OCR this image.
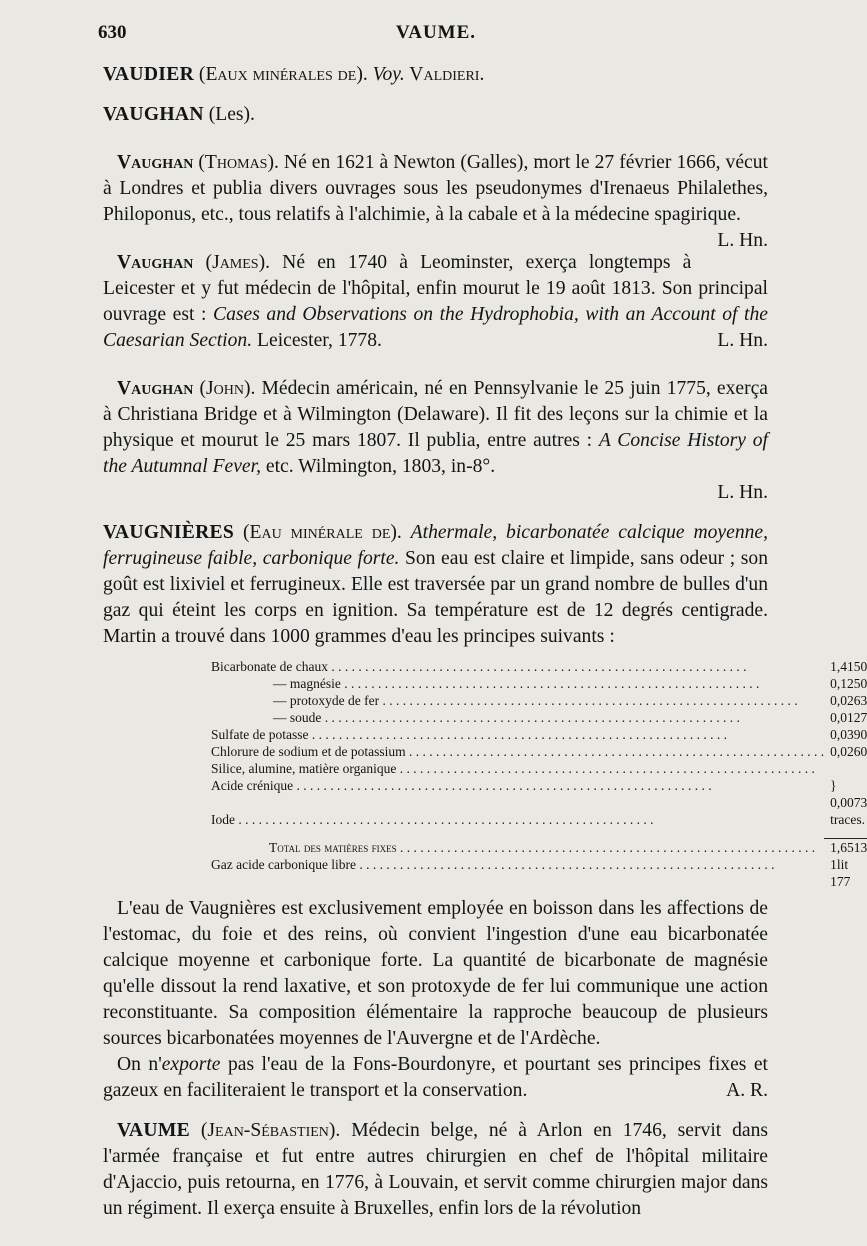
630	VAUME.

VAUDIER (Eaux minérales de). Voy. Valdieri.

VAUGHAN (Les).

Vaughan (Thomas). Né en 1621 à Newton (Galles), mort le 27 février 1666, vécut à Londres et publia divers ouvrages sous les pseudonymes d'Irenaeus Philalethes, Philoponus, etc., tous relatifs à l'alchimie, à la cabale et à la médecine spagirique.
L. Hn.

Vaughan (James). Né en 1740 à Leominster, exerça longtemps à Leicester et y fut médecin de l'hôpital, enfin mourut le 19 août 1813. Son principal ouvrage est : Cases and Observations on the Hydrophobia, with an Account of the Caesarian Section. Leicester, 1778.	L. Hn.

Vaughan (John). Médecin américain, né en Pennsylvanie le 25 juin 1775, exerça à Christiana Bridge et à Wilmington (Delaware). Il fit des leçons sur la chimie et la physique et mourut le 25 mars 1807. Il publia, entre autres : A Concise History of the Autumnal Fever, etc. Wilmington, 1803, in-8°.

L. Hn.

VAUGNIÈRES (Eau minérale de). Athermale, bicarbonatée calcique moyenne, ferrugineuse faible, carbonique forte. Son eau est claire et limpide, sans odeur ; son goût est lixiviel et ferrugineux. Elle est traversée par un grand nombre de bulles d'un gaz qui éteint les corps en ignition. Sa température est de 12 degrés centigrade. Martin a trouvé dans 1000 grammes d'eau les principes suivants :

Bicarbonate de chaux . . .	1,4150
— magnésie . . .	0,1250
— protoxyde de fer . . .	0,0263
— soude . . .	0,0127
Sulfate de potasse . . .	0,0390
Chlorure de sodium et de potassium . . .	0,0260
Silice, alumine, matière organique . . .	
Acide crénique . . .	} 0,0073
Iode . . .	traces.

Total des matières fixes . . .	1,6513
Gaz acide carbonique libre . . .	1lit 177

L'eau de Vaugnières est exclusivement employée en boisson dans les affections de l'estomac, du foie et des reins, où convient l'ingestion d'une eau bicarbonatée calcique moyenne et carbonique forte. La quantité de bicarbonate de magnésie qu'elle dissout la rend laxative, et son protoxyde de fer lui communique une action reconstituante. Sa composition élémentaire la rapproche beaucoup de plusieurs sources bicarbonatées moyennes de l'Auvergne et de l'Ardèche.

On n'exporte pas l'eau de la Fons-Bourdonyre, et pourtant ses principes fixes et gazeux en faciliteraient le transport et la conservation.	A. R.

VAUME (Jean-Sébastien). Médecin belge, né à Arlon en 1746, servit dans l'armée française et fut entre autres chirurgien en chef de l'hôpital militaire d'Ajaccio, puis retourna, en 1776, à Louvain, et servit comme chirurgien major dans un régiment. Il exerça ensuite à Bruxelles, enfin lors de la révolution
